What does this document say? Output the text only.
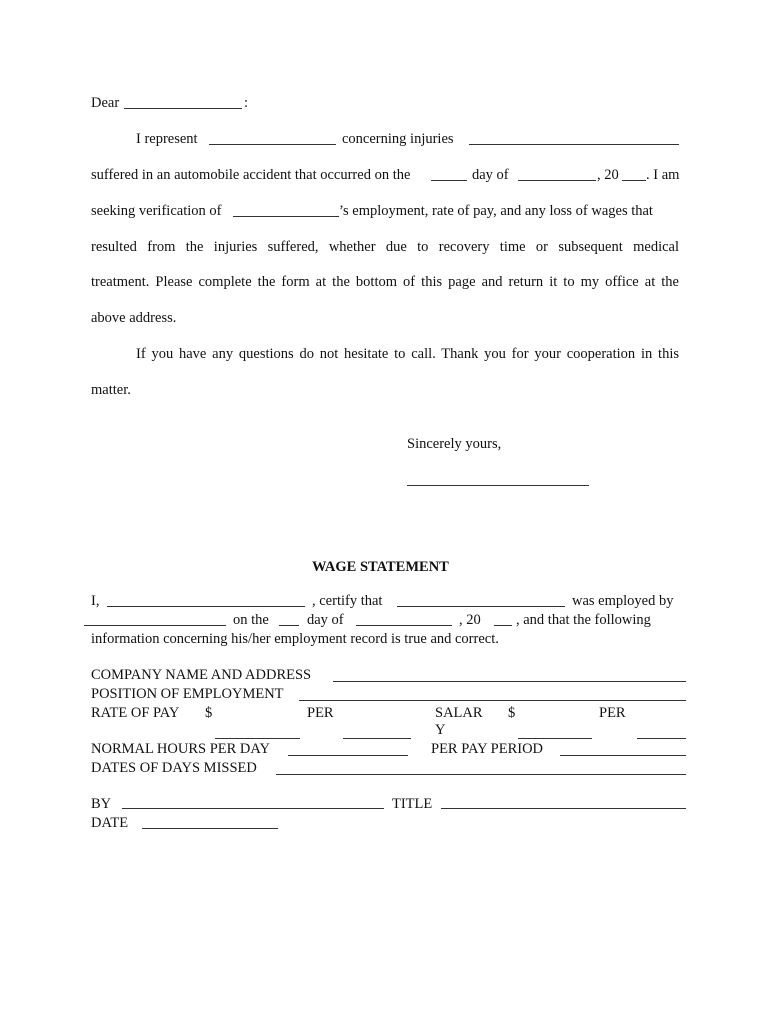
Dear	:
I represent	concerning injuries
suffered in an automobile accident that occurred on the	day of	, 20 . I am
seeking verification of	’s employment, rate of pay, and any loss of wages that
resulted from the injuries suffered, whether due to recovery time or subsequent medical
treatment. Please complete the form at the bottom of this page and return it to my office at the
above address.
If you have any questions do not hesitate to call. Thank you for your cooperation in this
matter.
Sincerely yours,
WAGE STATEMENT
I,	, certify that	was employed by
on the	day of	, 20 , and that the following
information concerning his/her employment record is true and correct.
COMPANY NAME AND ADDRESS
POSITION OF EMPLOYMENT
RATE OF PAY $	PER	SALAR $	PER
Y
NORMAL HOURS PER DAY	PER PAY PERIOD
DATES OF DAYS MISSED
BY	TITLE
DATE
